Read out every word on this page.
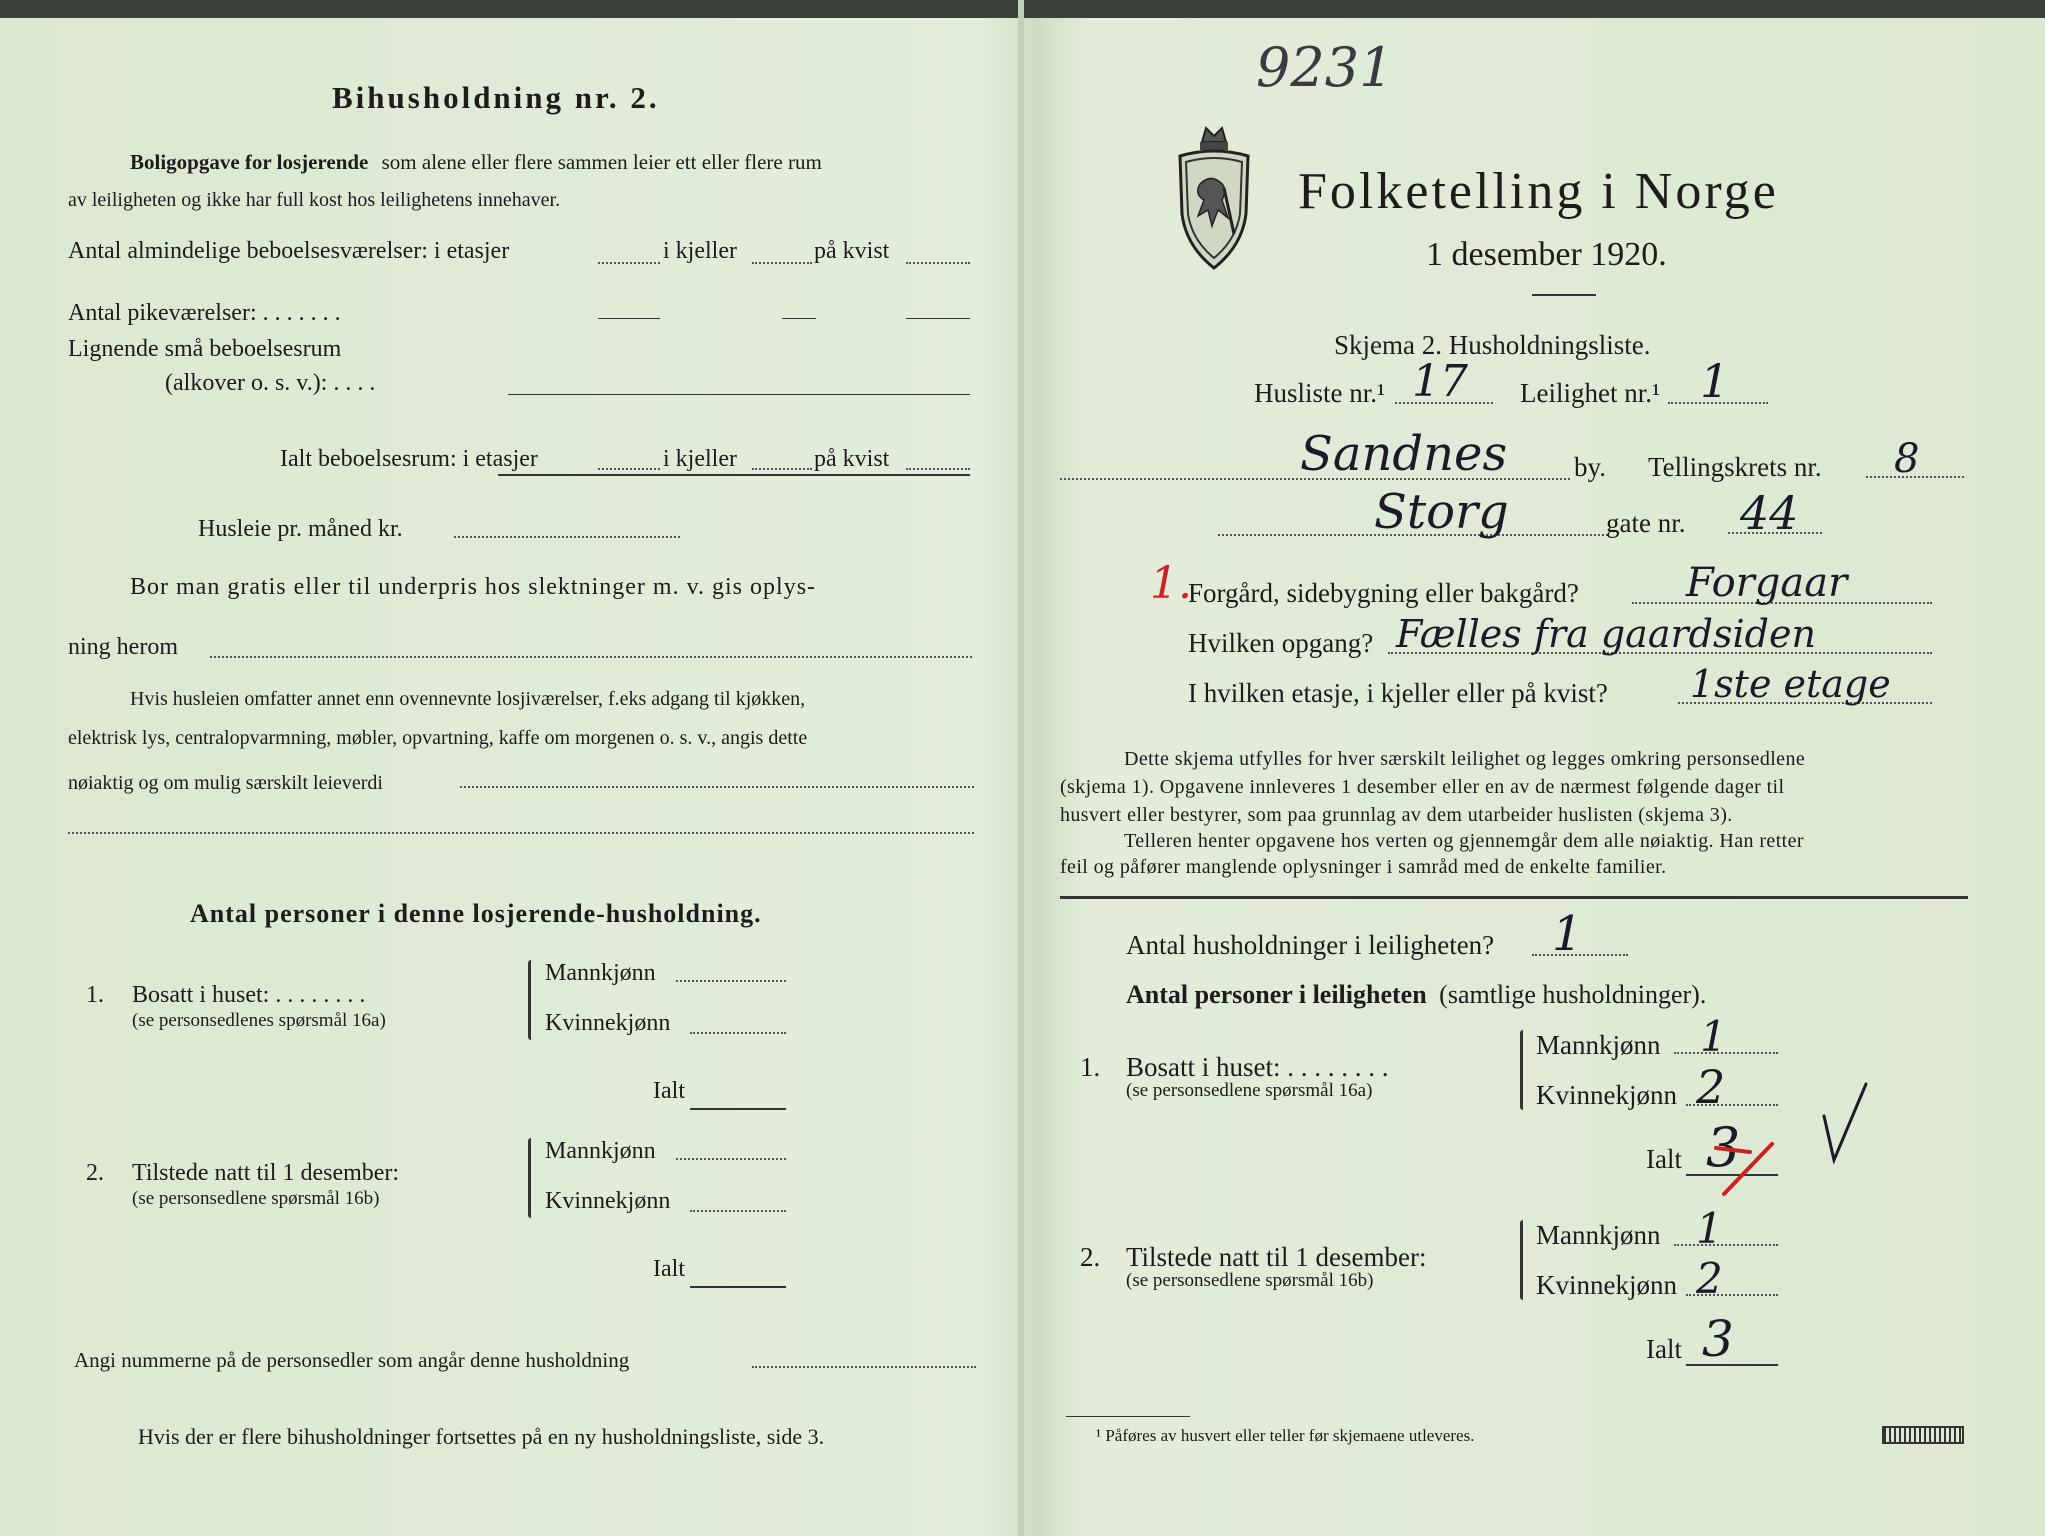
Bihusholdning nr. 2.
Boligopgave for losjerende som alene eller flere sammen leier ett eller flere rum
av leiligheten og ikke har full kost hos leilighetens innehaver.
Antal almindelige beboelsesværelser: i etasjer	i kjeller	på kvist
Antal pikeværelser: . . . . . . .
Lignende små beboelsesrum
(alkover o. s. v.): . . . .
Ialt beboelsesrum: i etasjer	i kjeller	på kvist
Husleie pr. måned kr.
Bor man gratis eller til underpris hos slektninger m. v. gis oplys-
ning herom
Hvis husleien omfatter annet enn ovennevnte losjiværelser, f.eks adgang til kjøkken,
elektrisk lys, centralopvarmning, møbler, opvartning, kaffe om morgenen o. s. v., angis dette
nøiaktig og om mulig særskilt leieverdi
Antal personer i denne losjerende-husholdning.
1. Bosatt i huset: . . . . . . . .
(se personsedlenes spørsmål 16a)
Mannkjønn
Kvinnekjønn
Ialt
2. Tilstede natt til 1 desember:
(se personsedlene spørsmål 16b)
Mannkjønn
Kvinnekjønn
Ialt
Angi nummerne på de personsedler som angår denne husholdning
Hvis der er flere bihusholdninger fortsettes på en ny husholdningsliste, side 3.
9231
Folketelling i Norge
1 desember 1920.
Skjema 2. Husholdningsliste.
Husliste nr.¹ 17 Leilighet nr.¹ 1
Sandnes by. Tellingskrets nr. 8
Storg	gate nr. 44
1.
Forgård, sidebygning eller bakgård?	Forgaar
Hvilken opgang? Fælles fra gaardsiden
I hvilken etasje, i kjeller eller på kvist? 1ste etage
Dette skjema utfylles for hver særskilt leilighet og legges omkring personsedlene
(skjema 1). Opgavene innleveres 1 desember eller en av de nærmest følgende dager til
husvert eller bestyrer, som paa grunnlag av dem utarbeider huslisten (skjema 3).
Telleren henter opgavene hos verten og gjennemgår dem alle nøiaktig. Han retter
feil og påfører manglende oplysninger i samråd med de enkelte familier.
Antal husholdninger i leiligheten? 1
Antal personer i leiligheten (samtlige husholdninger).
1. Bosatt i huset: . . . . . . . .
(se personsedlene spørsmål 16a)
Mannkjønn 1
Kvinnekjønn 2
Ialt 3
2. Tilstede natt til 1 desember:
(se personsedlene spørsmål 16b)
Mannkjønn 1
Kvinnekjønn 2
Ialt 3
¹ Påføres av husvert eller teller før skjemaene utleveres.
